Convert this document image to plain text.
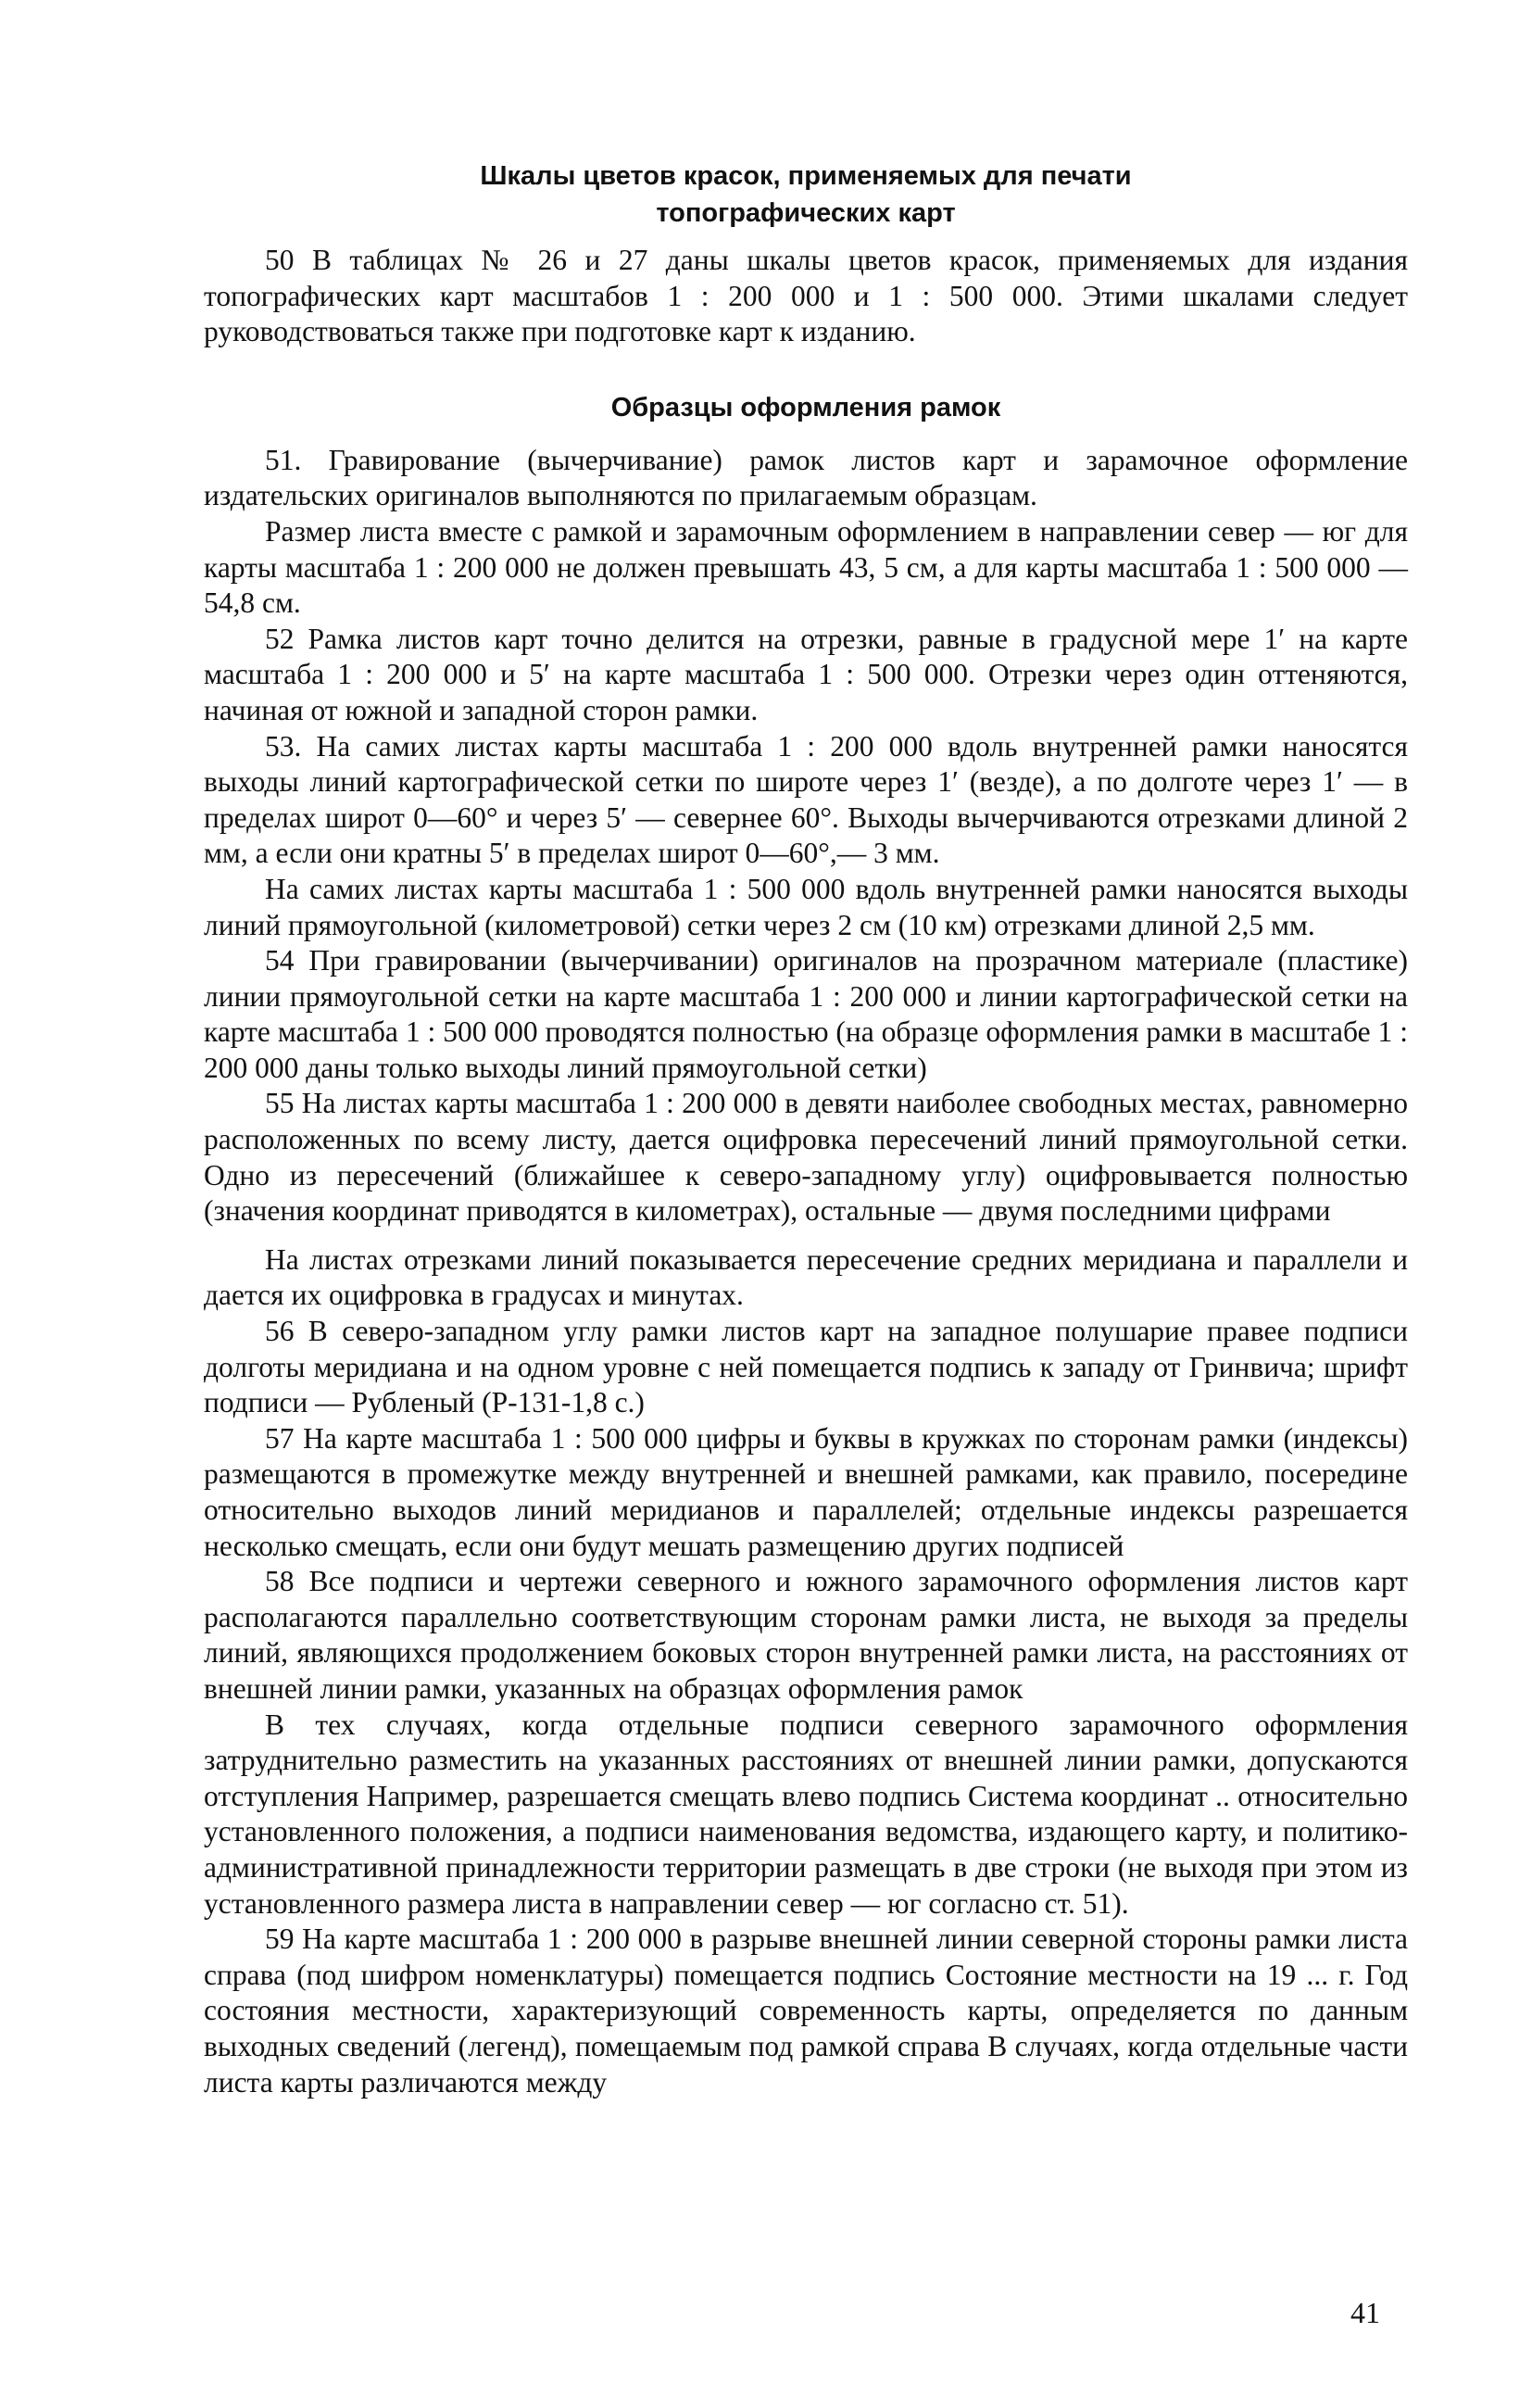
Шкалы цветов красок, применяемых для печати
топографических карт

50 В таблицах № 26 и 27 даны шкалы цветов красок, применяемых для издания топографических карт масштабов 1 : 200 000 и 1 : 500 000. Этими шкалами следует руководствоваться также при подготовке карт к изданию.

Образцы оформления рамок

51. Гравирование (вычерчивание) рамок листов карт и зарамочное оформление издательских оригиналов выполняются по прилагаемым образцам.

Размер листа вместе с рамкой и зарамочным оформлением в направлении север — юг для карты масштаба 1 : 200 000 не должен превышать 43, 5 см, а для карты масштаба 1 : 500 000 — 54,8 см.

52 Рамка листов карт точно делится на отрезки, равные в градусной мере 1′ на карте масштаба 1 : 200 000 и 5′ на карте масштаба 1 : 500 000. Отрезки через один оттеняются, начиная от южной и западной сторон рамки.

53. На самих листах карты масштаба 1 : 200 000 вдоль внутренней рамки наносятся выходы линий картографической сетки по широте через 1′ (везде), а по долготе через 1′ — в пределах широт 0—60° и через 5′ — севернее 60°. Выходы вычерчиваются отрезками длиной 2 мм, а если они кратны 5′ в пределах широт 0—60°,— 3 мм.

На самих листах карты масштаба 1 : 500 000 вдоль внутренней рамки наносятся выходы линий прямоугольной (километровой) сетки через 2 см (10 км) отрезками длиной 2,5 мм.

54 При гравировании (вычерчивании) оригиналов на прозрачном материале (пластике) линии прямоугольной сетки на карте масштаба 1 : 200 000 и линии картографической сетки на карте масштаба 1 : 500 000 проводятся полностью (на образце оформления рамки в масштабе 1 : 200 000 даны только выходы линий прямоугольной сетки)

55 На листах карты масштаба 1 : 200 000 в девяти наиболее свободных местах, равномерно расположенных по всему листу, дается оцифровка пересечений линий прямоугольной сетки. Одно из пересечений (ближайшее к северо-западному углу) оцифровывается полностью (значения координат приводятся в километрах), остальные — двумя последними цифрами

На листах отрезками линий показывается пересечение средних меридиана и параллели и дается их оцифровка в градусах и минутах.

56 В северо-западном углу рамки листов карт на западное полушарие правее подписи долготы меридиана и на одном уровне с ней помещается подпись к западу от Гринвича; шрифт подписи — Рубленый (Р-131-1,8 с.)

57 На карте масштаба 1 : 500 000 цифры и буквы в кружках по сторонам рамки (индексы) размещаются в промежутке между внутренней и внешней рамками, как правило, посередине относительно выходов линий меридианов и параллелей; отдельные индексы разрешается несколько смещать, если они будут мешать размещению других подписей

58 Все подписи и чертежи северного и южного зарамочного оформления листов карт располагаются параллельно соответствующим сторонам рамки листа, не выходя за пределы линий, являющихся продолжением боковых сторон внутренней рамки листа, на расстояниях от внешней линии рамки, указанных на образцах оформления рамок

В тех случаях, когда отдельные подписи северного зарамочного оформления затруднительно разместить на указанных расстояниях от внешней линии рамки, допускаются отступления Например, разрешается смещать влево подпись Система координат .. относительно установленного положения, а подписи наименования ведомства, издающего карту, и политико-административной принадлежности территории размещать в две строки (не выходя при этом из установленного размера листа в направлении север — юг согласно ст. 51).

59 На карте масштаба 1 : 200 000 в разрыве внешней линии северной стороны рамки листа справа (под шифром номенклатуры) помещается подпись Состояние местности на 19 ... г. Год состояния местности, характеризующий современность карты, определяется по данным выходных сведений (легенд), помещаемым под рамкой справа В случаях, когда отдельные части листа карты различаются между

41
